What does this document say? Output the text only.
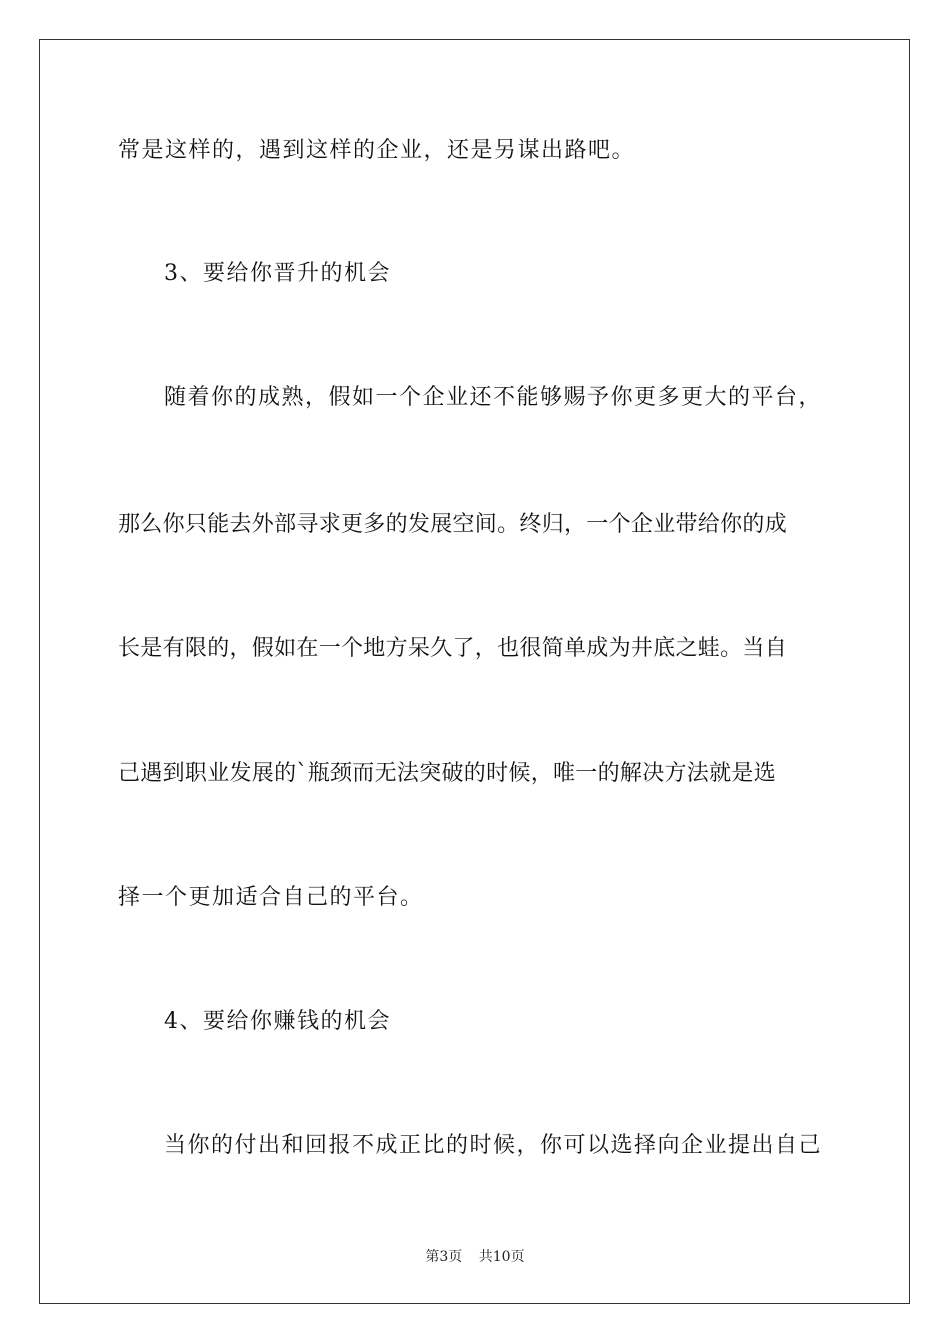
常是这样的，遇到这样的企业，还是另谋出路吧。
3、要给你晋升的机会
随着你的成熟，假如一个企业还不能够赐予你更多更大的平台，
那么你只能去外部寻求更多的发展空间。终归，一个企业带给你的成
长是有限的，假如在一个地方呆久了，也很简单成为井底之蛙。当自
己遇到职业发展的`瓶颈而无法突破的时候，唯一的解决方法就是选
择一个更加适合自己的平台。
4、要给你赚钱的机会
当你的付出和回报不成正比的时候，你可以选择向企业提出自己
第3页 共10页
